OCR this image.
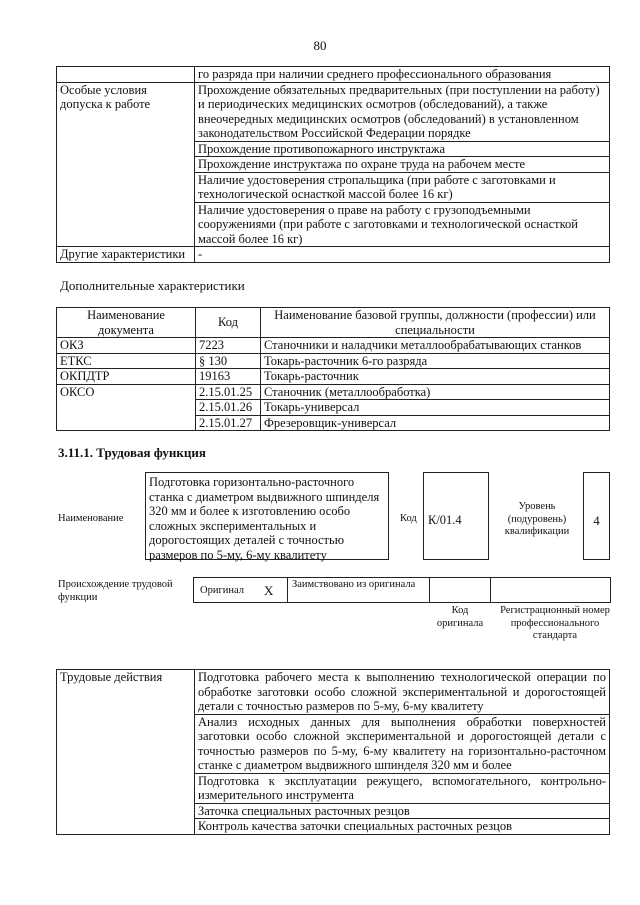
80
	го разряда при наличии среднего профессионального образования
Особые условия допуска к работе	Прохождение обязательных предварительных (при поступлении на работу) и периодических медицинских осмотров (обследований), а также внеочередных медицинских осмотров (обследований) в установленном законодательством Российской Федерации порядке
	Прохождение противопожарного инструктажа
	Прохождение инструктажа по охране труда на рабочем месте
	Наличие удостоверения стропальщика (при работе с заготовками и технологической оснасткой массой более 16 кг)
	Наличие удостоверения о праве на работу с грузоподъемными сооружениями (при работе с заготовками и технологической оснасткой массой более 16 кг)
Другие характеристики	-
Дополнительные характеристики
Наименование документа	Код	Наименование базовой группы, должности (профессии) или специальности
ОКЗ	7223	Станочники и наладчики металлообрабатывающих станков
ЕТКС	§ 130	Токарь-расточник 6-го разряда
ОКПДТР	19163	Токарь-расточник
ОКСО	2.15.01.25	Станочник (металлообработка)
	2.15.01.26	Токарь-универсал
	2.15.01.27	Фрезеровщик-универсал
3.11.1. Трудовая функция
Наименование
Подготовка горизонтально-расточного станка с диаметром выдвижного шпинделя 320 мм и более к изготовлению особо сложных экспериментальных и дорогостоящих деталей с точностью размеров по 5-му, 6-му квалитету
Код К/01.4
Уровень (подуровень) квалификации
4
Происхождение трудовой функции
Оригинал X Заимствовано из оригинала
Код оригинала
Регистрационный номер профессионального стандарта
Трудовые действия	Подготовка рабочего места к выполнению технологической операции по обработке заготовки особо сложной экспериментальной и дорогостоящей детали с точностью размеров по 5-му, 6-му квалитету
Анализ исходных данных для выполнения обработки поверхностей заготовки особо сложной экспериментальной и дорогостоящей детали с точностью размеров по 5-му, 6-му квалитету на горизонтально-расточном станке с диаметром выдвижного шпинделя 320 мм и более
Подготовка к эксплуатации режущего, вспомогательного, контрольно-измерительного инструмента
Заточка специальных расточных резцов
Контроль качества заточки специальных расточных резцов
